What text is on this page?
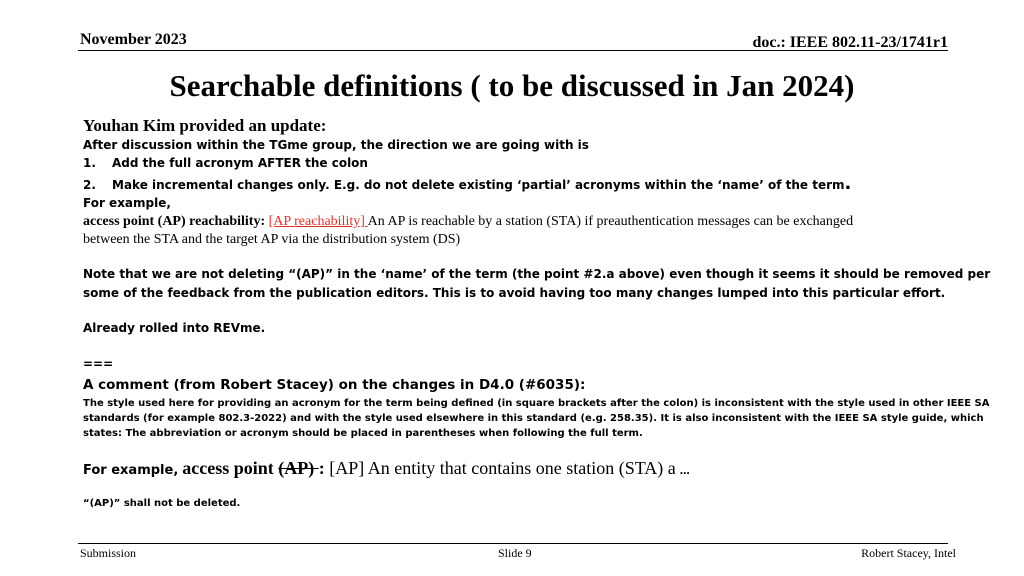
November 2023	doc.: IEEE 802.11-23/1741r1
Searchable definitions ( to be discussed in Jan 2024)
Youhan Kim provided an update:
After discussion within the TGme group, the direction we are going with is
1. Add the full acronym AFTER the colon
2. Make incremental changes only. E.g. do not delete existing ‘partial’ acronyms within the ‘name’ of the term.
For example,
access point (AP) reachability: [AP reachability] An AP is reachable by a station (STA) if preauthentication messages can be exchanged
between the STA and the target AP via the distribution system (DS)
Note that we are not deleting “(AP)” in the ‘name’ of the term (the point #2.a above) even though it seems it should be removed per
some of the feedback from the publication editors. This is to avoid having too many changes lumped into this particular effort.
Already rolled into REVme.
===
A comment (from Robert Stacey) on the changes in D4.0 (#6035):
The style used here for providing an acronym for the term being defined (in square brackets after the colon) is inconsistent with the style used in other IEEE SA
standards (for example 802.3-2022) and with the style used elsewhere in this standard (e.g. 258.35). It is also inconsistent with the IEEE SA style guide, which
states: The abbreviation or acronym should be placed in parentheses when following the full term.
For example, access point (AP) : [AP] An entity that contains one station (STA) a …
“(AP)” shall not be deleted.
Submission	Slide 9	Robert Stacey, Intel
